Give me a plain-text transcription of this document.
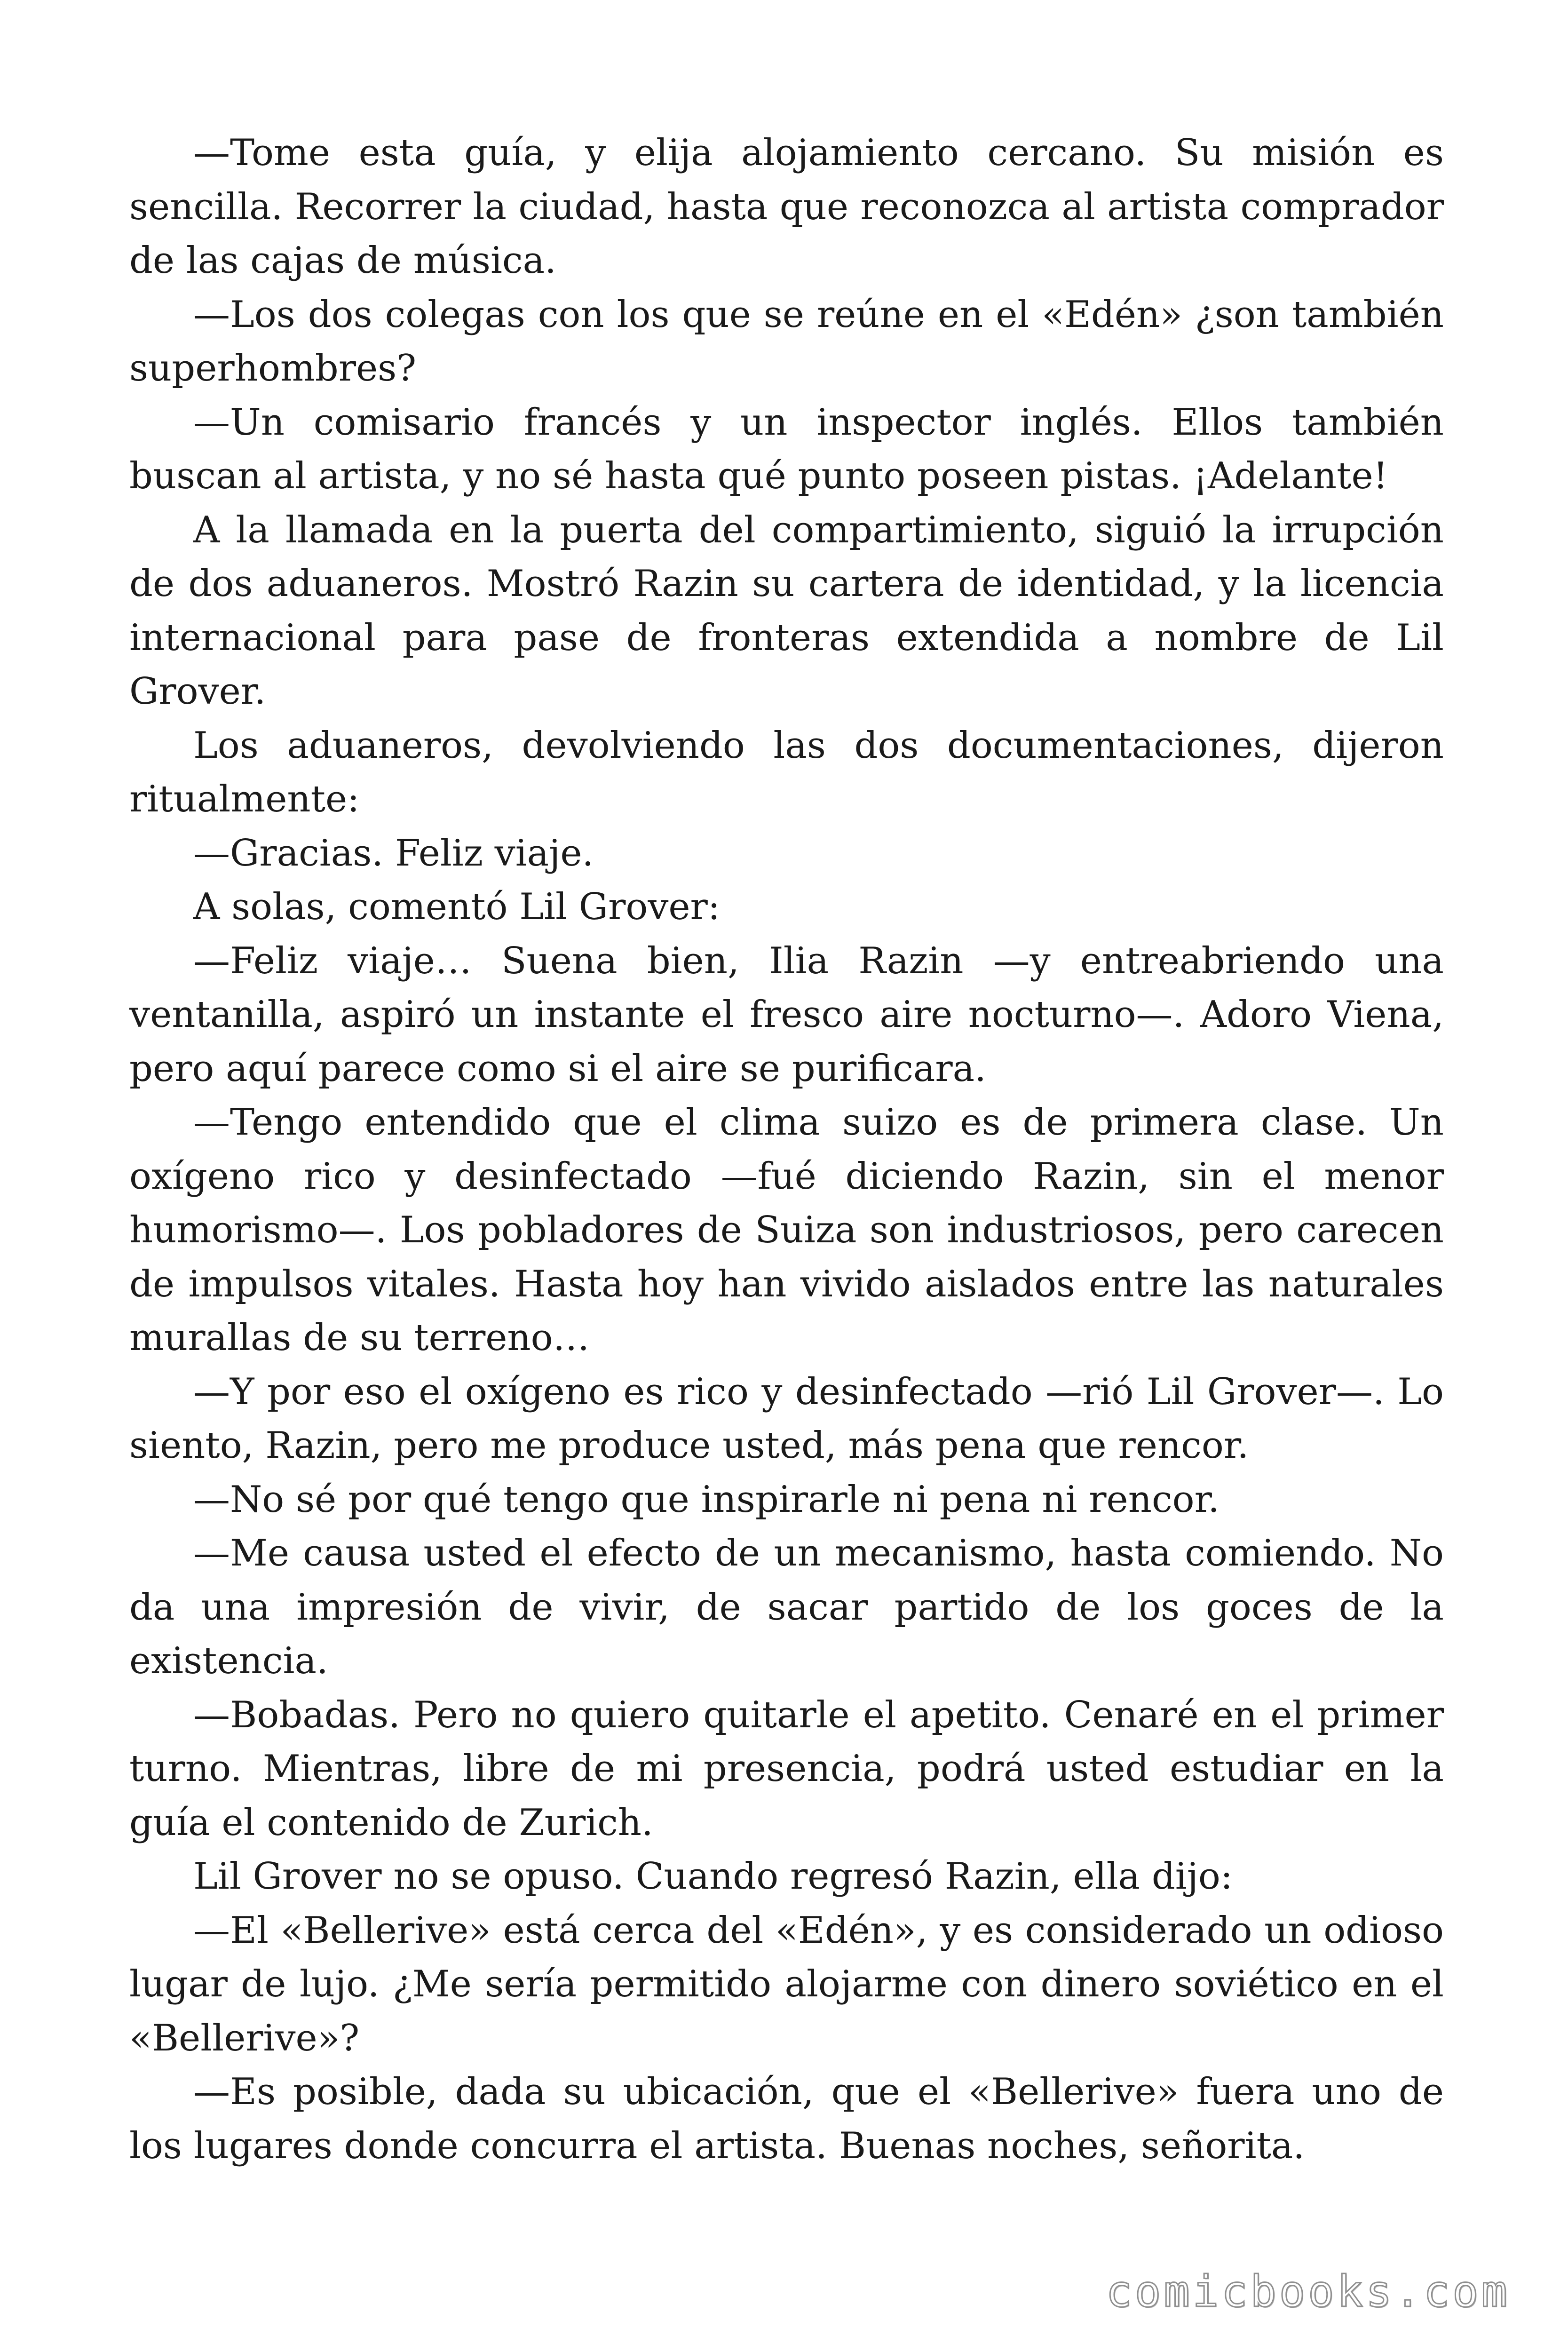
—Tome esta guía, y elija alojamiento cercano. Su misión es sencilla. Recorrer la ciudad, hasta que reconozca al artista comprador de las cajas de música.

—Los dos colegas con los que se reúne en el «Edén» ¿son también superhombres?

—Un comisario francés y un inspector inglés. Ellos también buscan al artista, y no sé hasta qué punto poseen pistas. ¡Adelante!

A la llamada en la puerta del compartimiento, siguió la irrupción de dos aduaneros. Mostró Razin su cartera de identidad, y la licencia internacional para pase de fronteras extendida a nombre de Lil Grover.

Los aduaneros, devolviendo las dos documentaciones, dijeron ritualmente:

—Gracias. Feliz viaje.

A solas, comentó Lil Grover:

—Feliz viaje… Suena bien, Ilia Razin —y entreabriendo una ventanilla, aspiró un instante el fresco aire nocturno—. Adoro Viena, pero aquí parece como si el aire se purificara.

—Tengo entendido que el clima suizo es de primera clase. Un oxígeno rico y desinfectado —fué diciendo Razin, sin el menor humorismo—. Los pobladores de Suiza son industriosos, pero carecen de impulsos vitales. Hasta hoy han vivido aislados entre las naturales murallas de su terreno…

—Y por eso el oxígeno es rico y desinfectado —rió Lil Grover—. Lo siento, Razin, pero me produce usted, más pena que rencor.

—No sé por qué tengo que inspirarle ni pena ni rencor.

—Me causa usted el efecto de un mecanismo, hasta comiendo. No da una impresión de vivir, de sacar partido de los goces de la existencia.

—Bobadas. Pero no quiero quitarle el apetito. Cenaré en el primer turno. Mientras, libre de mi presencia, podrá usted estudiar en la guía el contenido de Zurich.

Lil Grover no se opuso. Cuando regresó Razin, ella dijo:

—El «Bellerive» está cerca del «Edén», y es considerado un odioso lugar de lujo. ¿Me sería permitido alojarme con dinero soviético en el «Bellerive»?

—Es posible, dada su ubicación, que el «Bellerive» fuera uno de los lugares donde concurra el artista. Buenas noches, señorita.

comicbooks.com
